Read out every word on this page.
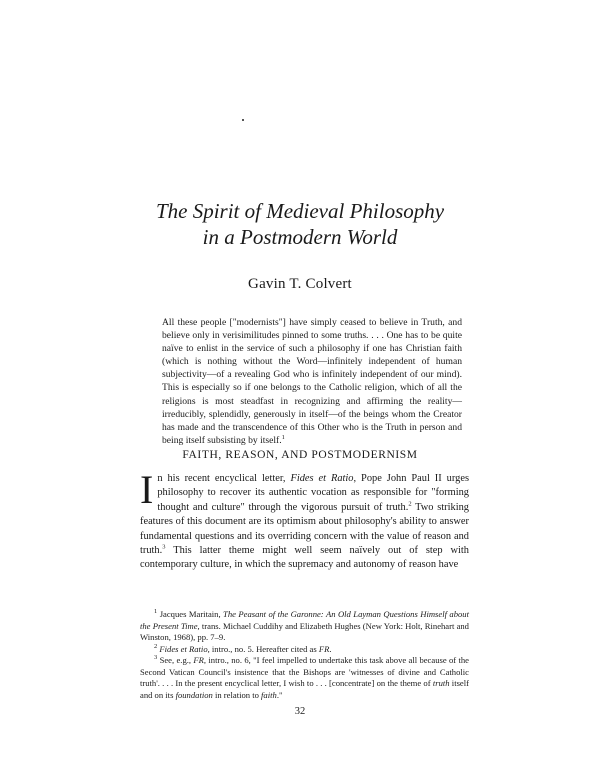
The Spirit of Medieval Philosophy
in a Postmodern World
Gavin T. Colvert

All these people ["modernists"] have simply ceased to believe in Truth, and believe only in verisimilitudes pinned to some truths. . . . One has to be quite naïve to enlist in the service of such a philosophy if one has Christian faith (which is nothing without the Word—infinitely independent of human subjectivity—of a revealing God who is infinitely independent of our mind). This is especially so if one belongs to the Catholic religion, which of all the religions is most steadfast in recognizing and affirming the reality—irreducibly, splendidly, generously in itself—of the beings whom the Creator has made and the transcendence of this Other who is the Truth in person and being itself subsisting by itself.$^1$

FAITH, REASON, AND POSTMODERNISM

In his recent encyclical letter, Fides et Ratio, Pope John Paul II urges philosophy to recover its authentic vocation as responsible for "forming thought and culture" through the vigorous pursuit of truth.$^2$ Two striking features of this document are its optimism about philosophy's ability to answer fundamental questions and its overriding concern with the value of reason and truth.$^3$ This latter theme might well seem naïvely out of step with contemporary culture, in which the supremacy and autonomy of reason have

$^1$ Jacques Maritain, The Peasant of the Garonne: An Old Layman Questions Himself about the Present Time, trans. Michael Cuddihy and Elizabeth Hughes (New York: Holt, Rinehart and Winston, 1968), pp. 7–9.

$^2$ Fides et Ratio, intro., no. 5. Hereafter cited as FR.

$^3$ See, e.g., FR, intro., no. 6, "I feel impelled to undertake this task above all because of the Second Vatican Council's insistence that the Bishops are 'witnesses of divine and Catholic truth'. . . . In the present encyclical letter, I wish to . . . [concentrate] on the theme of truth itself and on its foundation in relation to faith."

32
